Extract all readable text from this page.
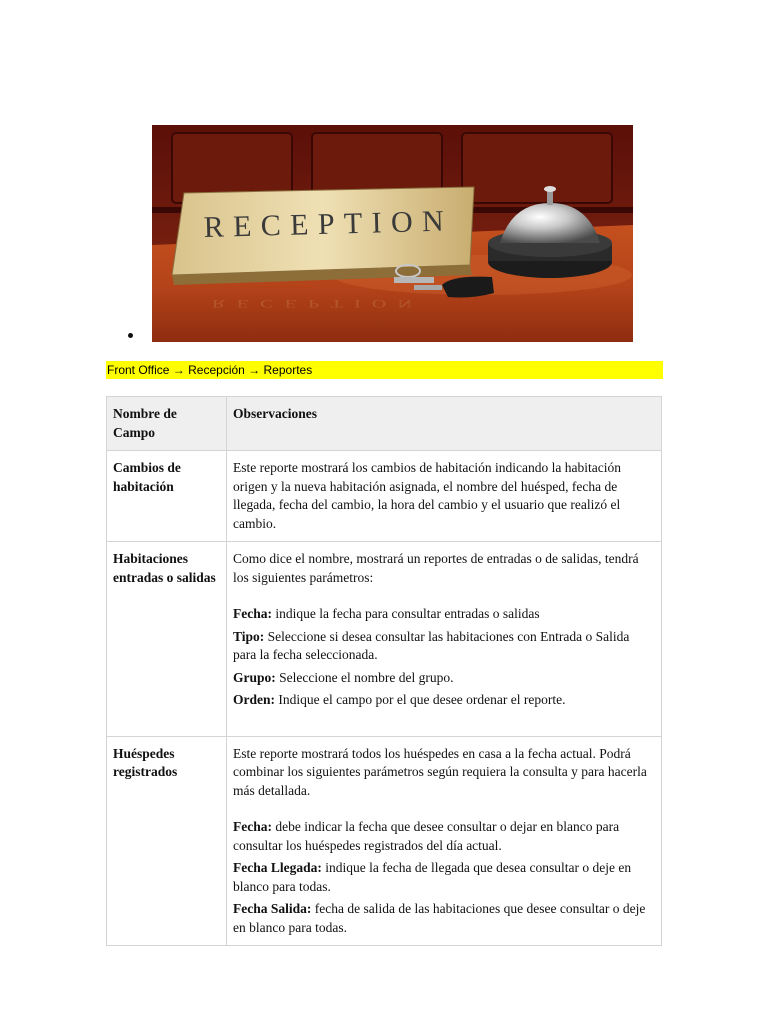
RECEPTION
RECEPTION
Front Office → Recepción → Reportes
Nombre de Campo	Observaciones
Cambios de habitación	Este reporte mostrará los cambios de habitación indicando la habitación origen y la nueva habitación asignada, el nombre del huésped, fecha de llegada, fecha del cambio, la hora del cambio y el usuario que realizó el cambio.

Habitaciones entradas o salidas	Como dice el nombre, mostrará un reportes de entradas o de salidas, tendrá los siguientes parámetros:
Fecha: indique la fecha para consultar entradas o salidas
Tipo: Seleccione si desea consultar las habitaciones con Entrada o Salida para la fecha seleccionada.
Grupo: Seleccione el nombre del grupo.
Orden: Indique el campo por el que desee ordenar el reporte.

Huéspedes registrados	Este reporte mostrará todos los huéspedes en casa a la fecha actual. Podrá combinar los siguientes parámetros según requiera la consulta y para hacerla más detallada.
Fecha: debe indicar la fecha que desee consultar o dejar en blanco para consultar los huéspedes registrados del día actual.
Fecha Llegada: indique la fecha de llegada que desea consultar o deje en blanco para todas.
Fecha Salida: fecha de salida de las habitaciones que desee consultar o deje en blanco para todas.
